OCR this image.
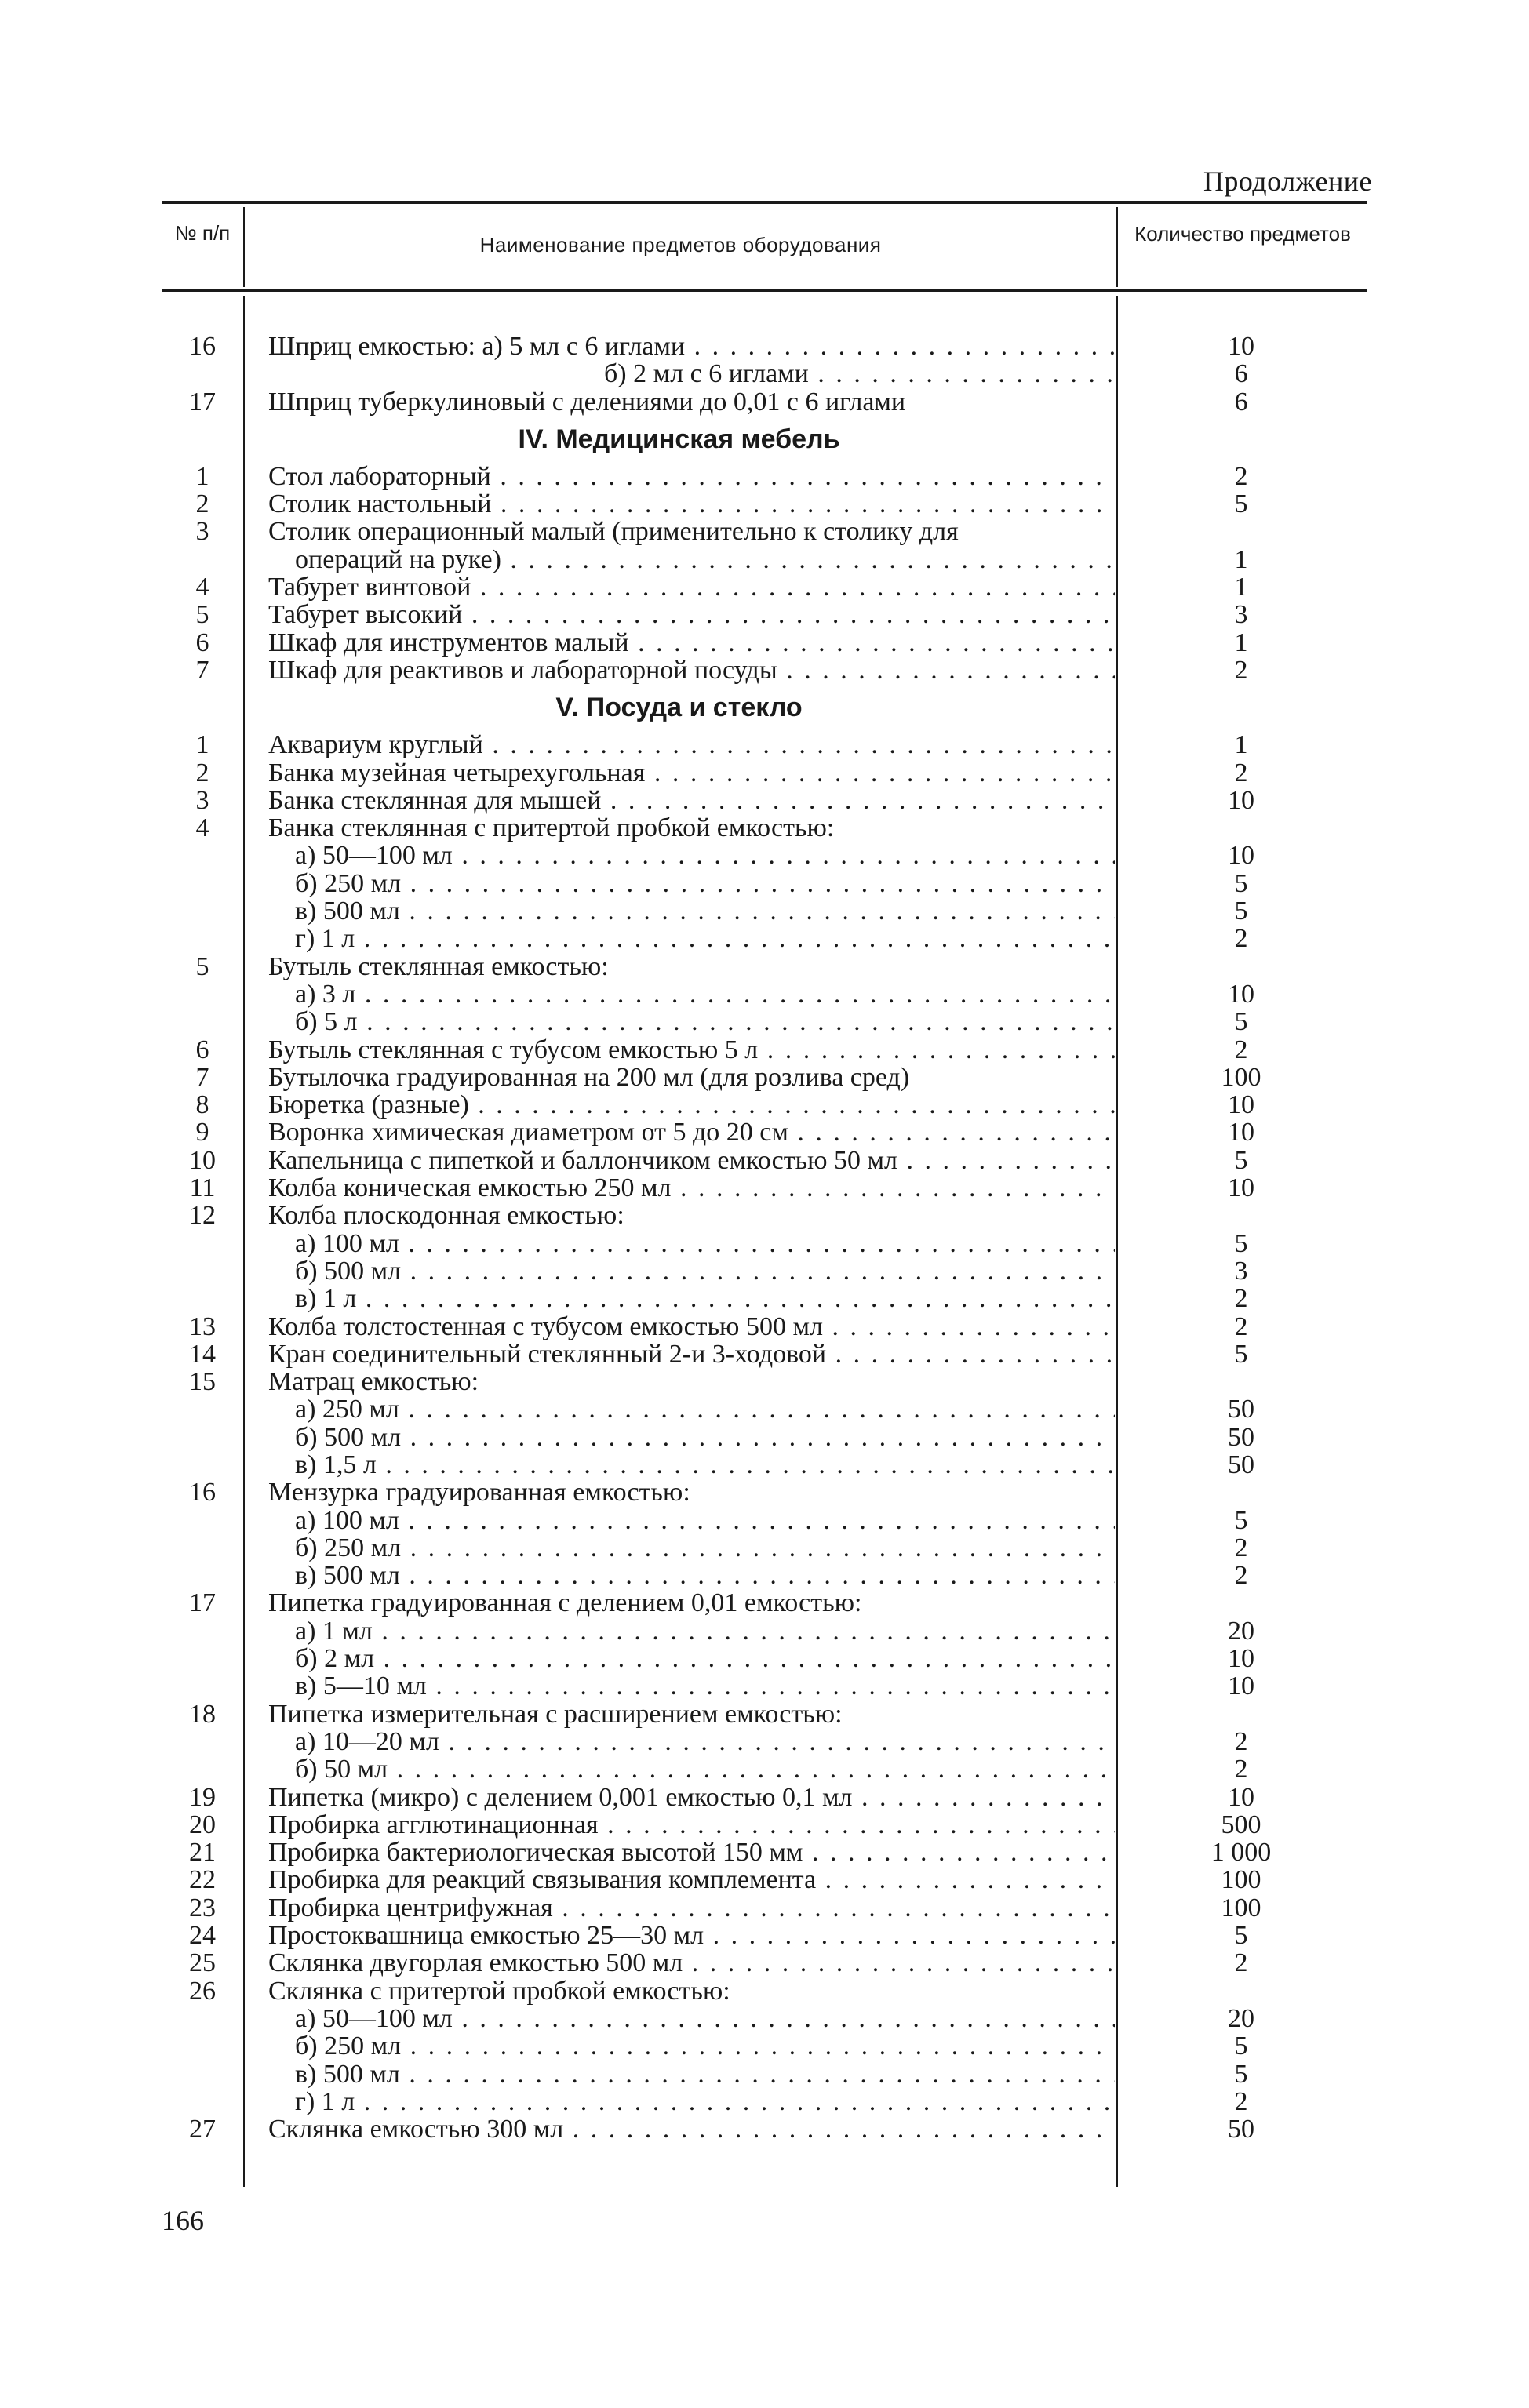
Продолжение
№ п/п	Наименование предметов оборудования	Количество предметов
16	Шприц емкостью: а) 5 мл с 6 иглами . . .	10
б) 2 мл с 6 иглами . . .	6
17	Шприц туберкулиновый с делениями до 0,01 с 6 иглами	6
IV. Медицинская мебель
1	Стол лабораторный . . .	2
2	Столик настольный . . .	5
3	Столик операционный малый (применительно к столику для
операций на руке) . . .	1
4	Табурет винтовой . . .	1
5	Табурет высокий . . .	3
6	Шкаф для инструментов малый . . .	1
7	Шкаф для реактивов и лабораторной посуды . . .	2
V. Посуда и стекло
1	Аквариум круглый . . .	1
2	Банка музейная четырехугольная . . .	2
3	Банка стеклянная для мышей . . .	10
4	Банка стеклянная с притертой пробкой емкостью:
а) 50—100 мл . . .	10
б) 250 мл . . .	5
в) 500 мл . . .	5
г) 1 л . . .	2
5	Бутыль стеклянная емкостью:
а) 3 л . . .	10
б) 5 л . . .	5
6	Бутыль стеклянная с тубусом емкостью 5 л . . .	2
7	Бутылочка градуированная на 200 мл (для розлива сред)	100
8	Бюретка (разные) . . .	10
9	Воронка химическая диаметром от 5 до 20 см . . .	10
10	Капельница с пипеткой и баллончиком емкостью 50 мл . . .	5
11	Колба коническая емкостью 250 мл . . .	10
12	Колба плоскодонная емкостью:
а) 100 мл . . .	5
б) 500 мл . . .	3
в) 1 л . . .	2
13	Колба толстостенная с тубусом емкостью 500 мл . . .	2
14	Кран соединительный стеклянный 2-и 3-ходовой . . .	5
15	Матрац емкостью:
а) 250 мл . . .	50
б) 500 мл . . .	50
в) 1,5 л . . .	50
16	Мензурка градуированная емкостью:
а) 100 мл . . .	5
б) 250 мл . . .	2
в) 500 мл . . .	2
17	Пипетка градуированная с делением 0,01 емкостью:
а) 1 мл . . .	20
б) 2 мл . . .	10
в) 5—10 мл . . .	10
18	Пипетка измерительная с расширением емкостью:
а) 10—20 мл . . .	2
б) 50 мл . . .	2
19	Пипетка (микро) с делением 0,001 емкостью 0,1 мл . . .	10
20	Пробирка агглютинационная . . .	500
21	Пробирка бактериологическая высотой 150 мм . . .	1 000
22	Пробирка для реакций связывания комплемента . . .	100
23	Пробирка центрифужная . . .	100
24	Простоквашница емкостью 25—30 мл . . .	5
25	Склянка двугорлая емкостью 500 мл . . .	2
26	Склянка с притертой пробкой емкостью:
а) 50—100 мл . . .	20
б) 250 мл . . .	5
в) 500 мл . . .	5
г) 1 л . . .	2
27	Склянка емкостью 300 мл . . .	50
166
